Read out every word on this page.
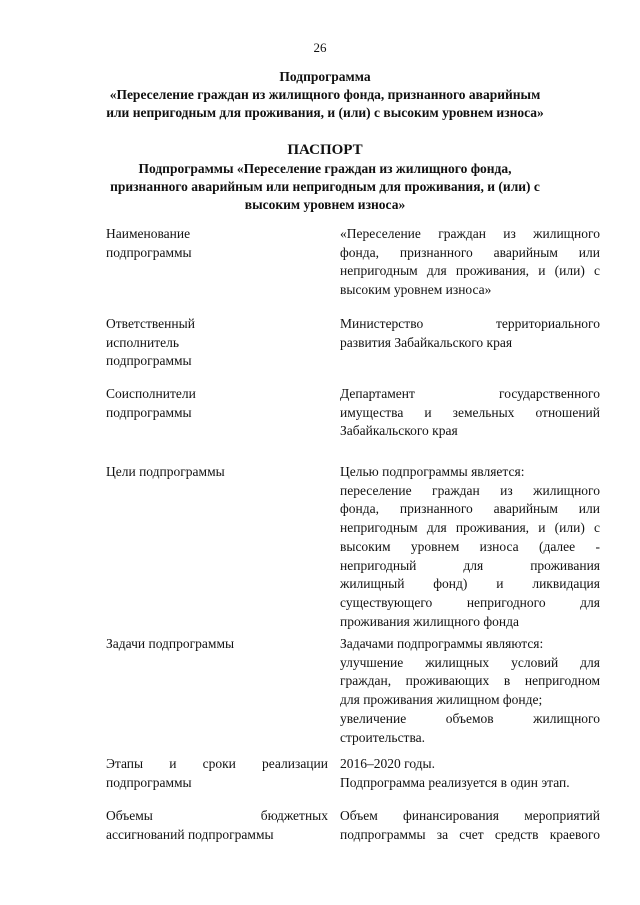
26
Подпрограмма
«Переселение граждан из жилищного фонда, признанного аварийным
или непригодным для проживания, и (или) с высоким уровнем износа»
ПАСПОРТ
Подпрограммы «Переселение граждан из жилищного фонда,
признанного аварийным или непригодным для проживания, и (или) с
высоким уровнем износа»
Наименование
подпрограммы

«Переселение граждан из жилищного

фонда, признанного аварийным или

непригодным для проживания, и (или) с

высоким уровнем износа»

Ответственный
исполнитель
подпрограммы

Министерство территориального

развития Забайкальского края

Соисполнители
подпрограммы

Департамент государственного

имущества и земельных отношений

Забайкальского края

Цели подпрограммы	Целью подпрограммы является:

переселение граждан из жилищного

фонда, признанного аварийным или

непригодным для проживания, и (или) с

высоким уровнем износа (далее -

непригодный для проживания

жилищный фонд) и ликвидация

существующего непригодного для

проживания жилищного фонда

Задачи подпрограммы	Задачами подпрограммы являются:

улучшение жилищных условий для

граждан, проживающих в непригодном

для проживания жилищном фонде;

увеличение объемов жилищного

строительства.

Этапы и сроки реализации
подпрограммы

2016–2020 годы.

Подпрограмма реализуется в один этап.

Объемы бюджетных
ассигнований подпрограммы

Объем финансирования мероприятий

подпрограммы за счет средств краевого
